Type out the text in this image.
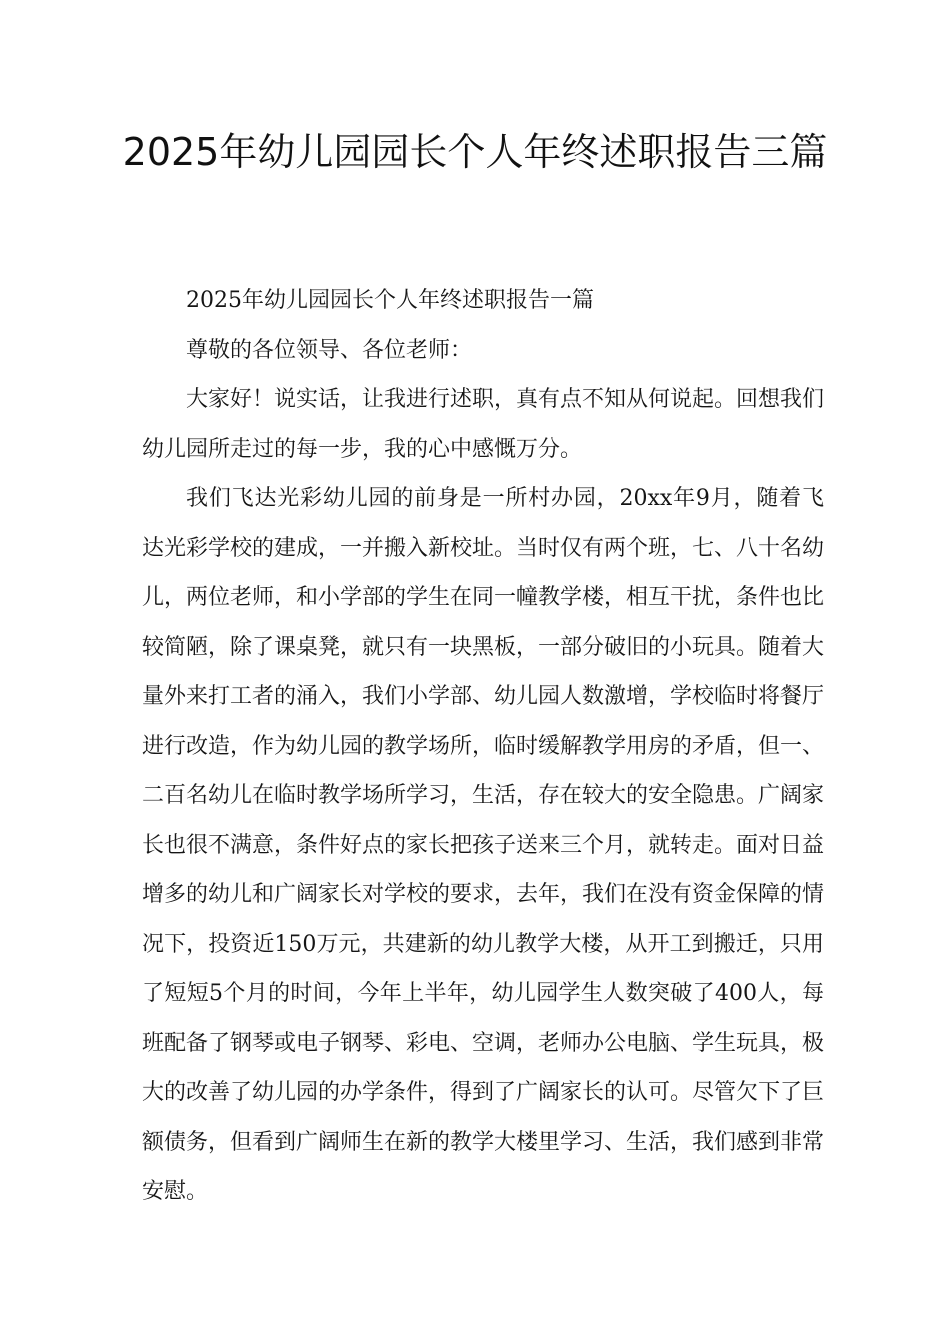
2025年幼儿园园长个人年终述职报告三篇

2025年幼儿园园长个人年终述职报告一篇

尊敬的各位领导、各位老师：

大家好！说实话，让我进行述职，真有点不知从何说起。回想我们幼儿园所走过的每一步，我的心中感慨万分。

我们飞达光彩幼儿园的前身是一所村办园，20xx年9月，随着飞达光彩学校的建成，一并搬入新校址。当时仅有两个班，七、八十名幼儿，两位老师，和小学部的学生在同一幢教学楼，相互干扰，条件也比较简陋，除了课桌凳，就只有一块黑板，一部分破旧的小玩具。随着大量外来打工者的涌入，我们小学部、幼儿园人数激增，学校临时将餐厅进行改造，作为幼儿园的教学场所，临时缓解教学用房的矛盾，但一、二百名幼儿在临时教学场所学习，生活，存在较大的安全隐患。广阔家长也很不满意，条件好点的家长把孩子送来三个月，就转走。面对日益增多的幼儿和广阔家长对学校的要求，去年，我们在没有资金保障的情况下，投资近150万元，共建新的幼儿教学大楼，从开工到搬迁，只用了短短5个月的时间，今年上半年，幼儿园学生人数突破了400人，每班配备了钢琴或电子钢琴、彩电、空调，老师办公电脑、学生玩具，极大的改善了幼儿园的办学条件，得到了广阔家长的认可。尽管欠下了巨额债务，但看到广阔师生在新的教学大楼里学习、生活，我们感到非常安慰。
